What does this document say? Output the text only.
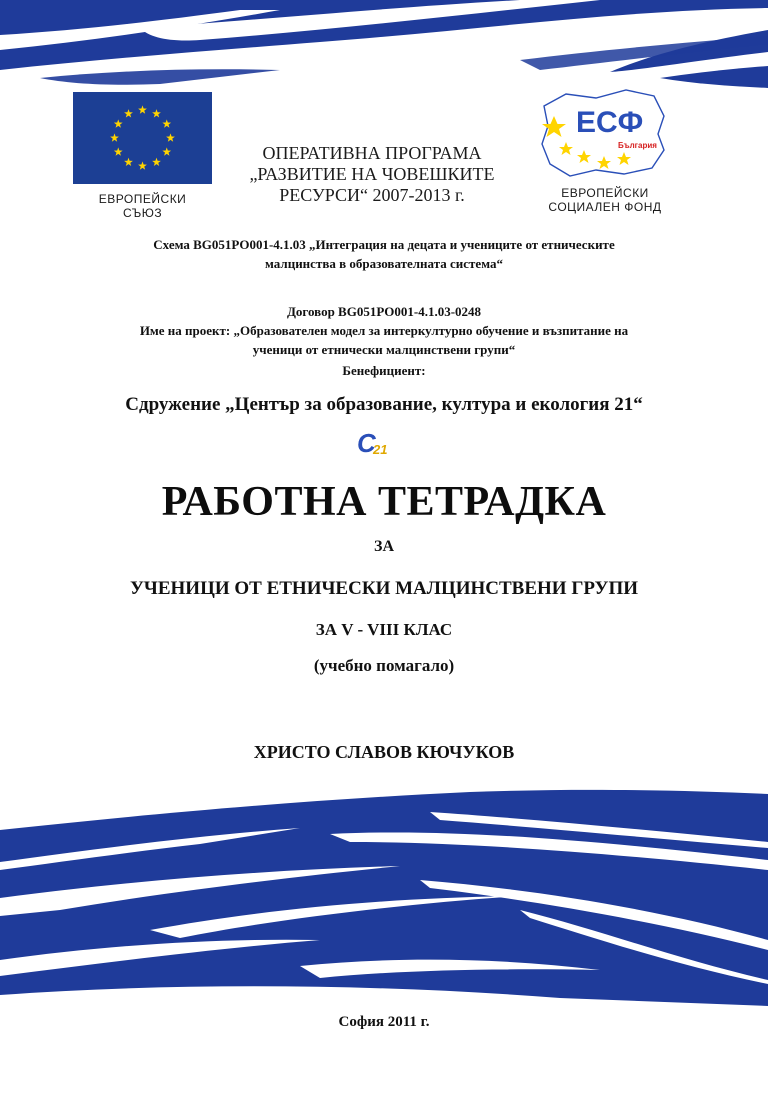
ЕВРОПЕЙСКИ
СЪЮЗ
ОПЕРАТИВНА ПРОГРАМА
„РАЗВИТИЕ НА ЧОВЕШКИТЕ
РЕСУРСИ“ 2007-2013 г.
ЕСФ
България
ЕВРОПЕЙСКИ
СОЦИАЛЕН ФОНД
Схема BG051PO001-4.1.03 „Интеграция на децата и учениците от етническите
малцинства в образователната система“
Договор BG051PO001-4.1.03-0248
Име на проект: „Образователен модел за интеркултурно обучение и възпитание на
ученици от етнически малцинствени групи“
Бенефициент:
Сдружение „Център за образование, култура и екология 21“
C
21
РАБОТНА ТЕТРАДКА
ЗА
УЧЕНИЦИ ОТ ЕТНИЧЕСКИ МАЛЦИНСТВЕНИ ГРУПИ
ЗА V - VIII КЛАС
(учебно помагало)
ХРИСТО СЛАВОВ КЮЧУКОВ
София 2011 г.
